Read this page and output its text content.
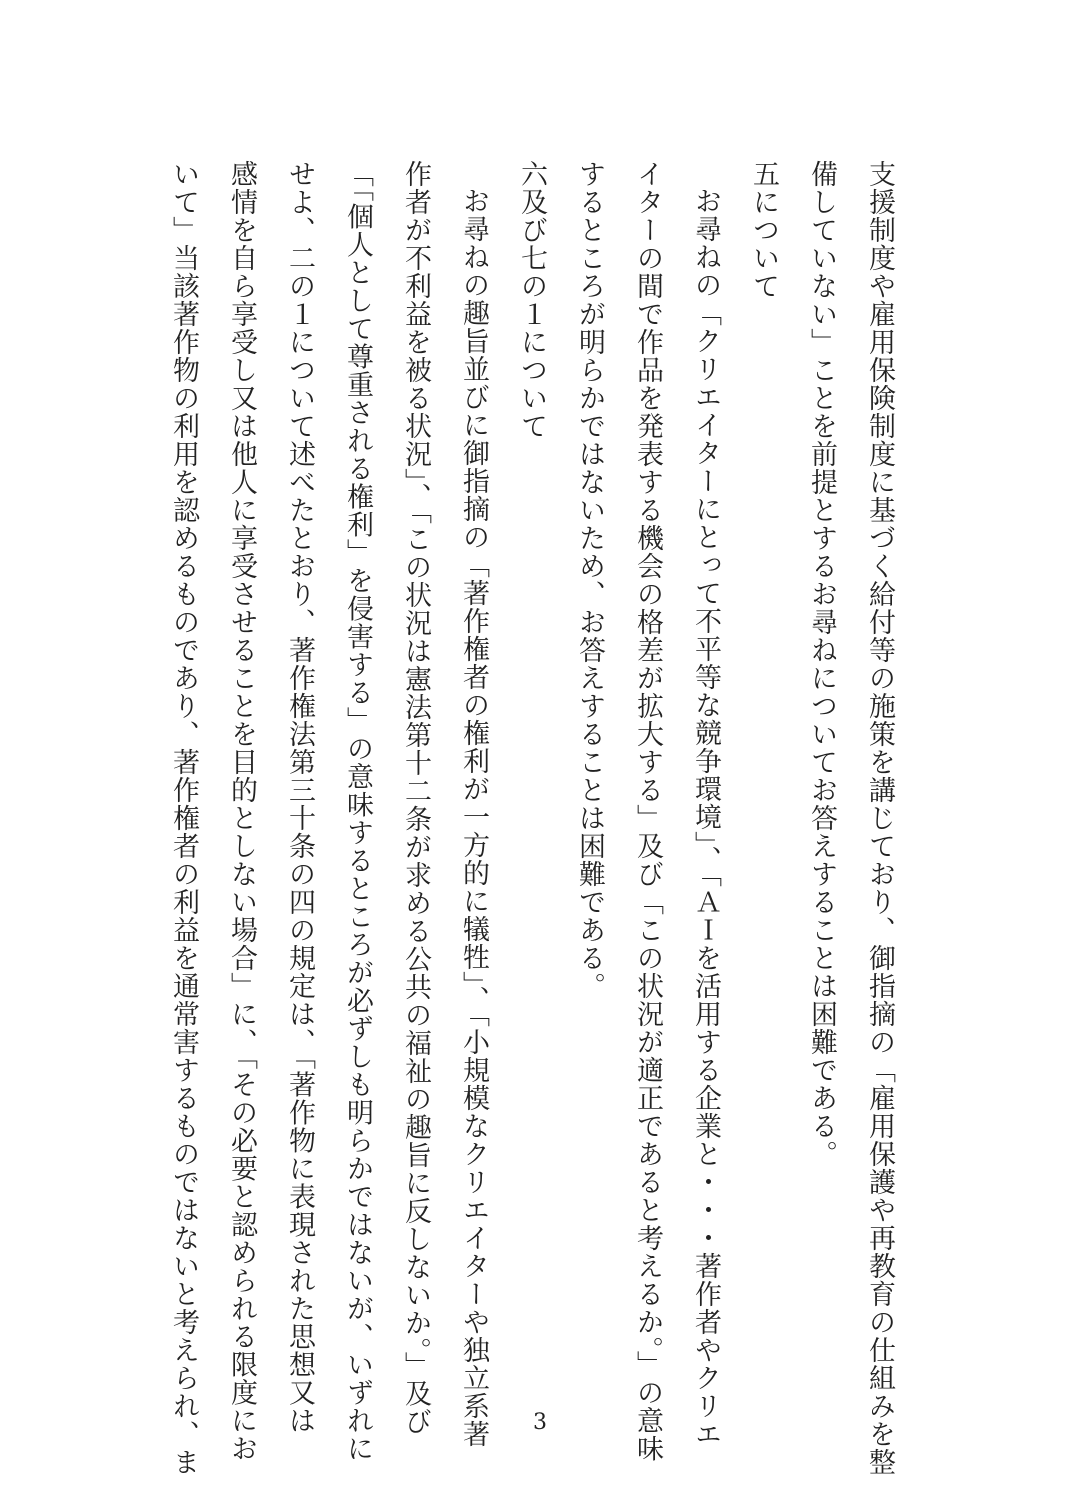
支援制度や雇用保険制度に基づく給付等の施策を講じており、御指摘の「雇用保護や再教育の仕組みを整
備していない」ことを前提とするお尋ねについてお答えすることは困難である。
五について
お尋ねの「クリエイターにとって不平等な競争環境」、「ＡＩを活用する企業と・・・著作者やクリエ
イターの間で作品を発表する機会の格差が拡大する」及び「この状況が適正であると考えるか。」の意味
するところが明らかではないため、お答えすることは困難である。
六及び七の１について
お尋ねの趣旨並びに御指摘の「著作権者の権利が一方的に犠牲」、「小規模なクリエイターや独立系著
作者が不利益を被る状況」、「この状況は憲法第十二条が求める公共の福祉の趣旨に反しないか。」及び
「「個人として尊重される権利」を侵害する」の意味するところが必ずしも明らかではないが、いずれに
せよ、二の１について述べたとおり、著作権法第三十条の四の規定は、「著作物に表現された思想又は
感情を自ら享受し又は他人に享受させることを目的としない場合」に、「その必要と認められる限度にお
いて」当該著作物の利用を認めるものであり、著作権者の利益を通常害するものではないと考えられ、ま	3
